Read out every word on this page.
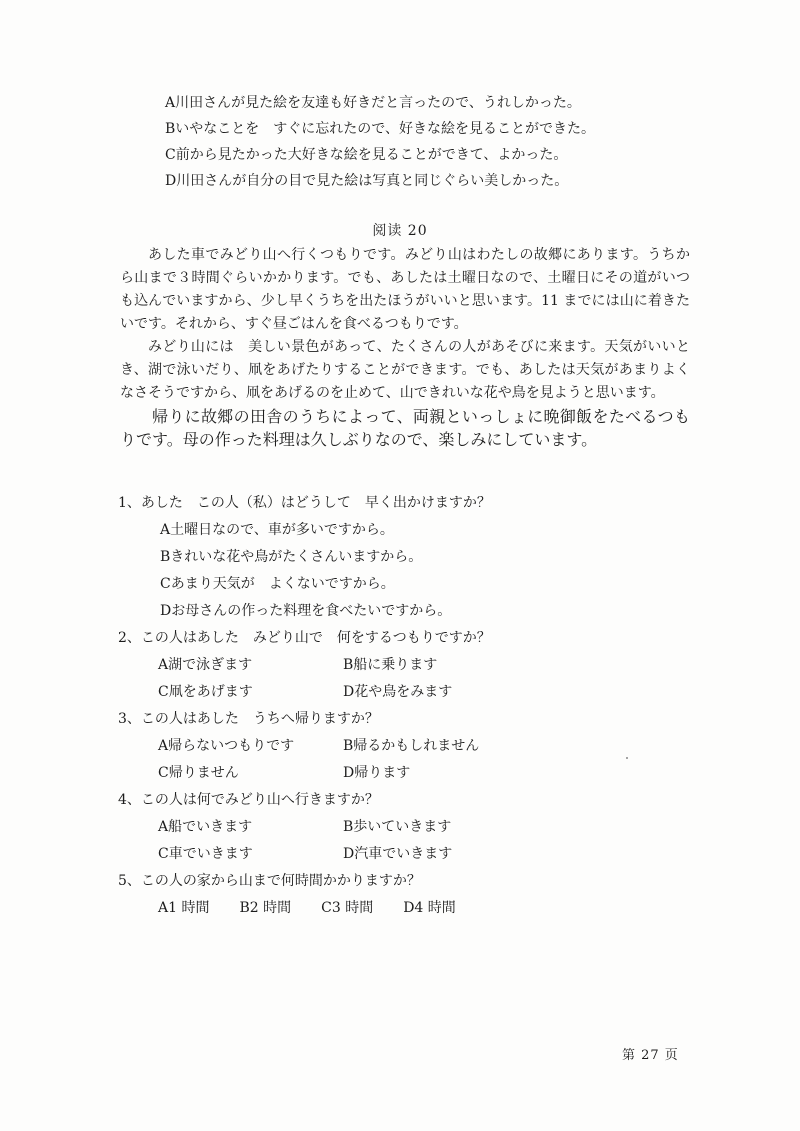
A川田さんが見た絵を友達も好きだと言ったので、うれしかった。
Bいやなことを　すぐに忘れたので、好きな絵を見ることができた。
C前から見たかった大好きな絵を見ることができて、よかった。
D川田さんが自分の目で見た絵は写真と同じぐらい美しかった。
阅读 20

あした車でみどり山へ行くつもりです。みどり山はわたしの故郷にあります。うちから山まで３時間ぐらいかかります。でも、あしたは土曜日なので、土曜日にその道がいつも込んでいますから、少し早くうちを出たほうがいいと思います。11 までには山に着きたいです。それから、すぐ昼ごはんを食べるつもりです。

みどり山には　美しい景色があって、たくさんの人があそびに来ます。天気がいいとき、湖で泳いだり、凧をあげたりすることができます。でも、あしたは天気があまりよくなさそうですから、凧をあげるのを止めて、山できれいな花や鳥を見ようと思います。

帰りに故郷の田舎のうちによって、両親といっしょに晩御飯をたべるつもりです。母の作った料理は久しぶりなので、楽しみにしています。

1、あした　この人（私）はどうして　早く出かけますか？
A土曜日なので、車が多いですから。
Bきれいな花や鳥がたくさんいますから。
Cあまり天気が　よくないですから。
Dお母さんの作った料理を食べたいですから。
2、この人はあした　みどり山で　何をするつもりですか？
A湖で泳ぎます	B船に乗ります
C凧をあげます	D花や鳥をみます
3、この人はあした　うちへ帰りますか？
A帰らないつもりです	B帰るかもしれません
C帰りません	D帰ります
4、この人は何でみどり山へ行きますか？
A船でいきます	B歩いていきます
C車でいきます	D汽車でいきます
5、この人の家から山まで何時間かかりますか？
A1 時間 B2 時間 C3 時間 D4 時間
第 27 页
